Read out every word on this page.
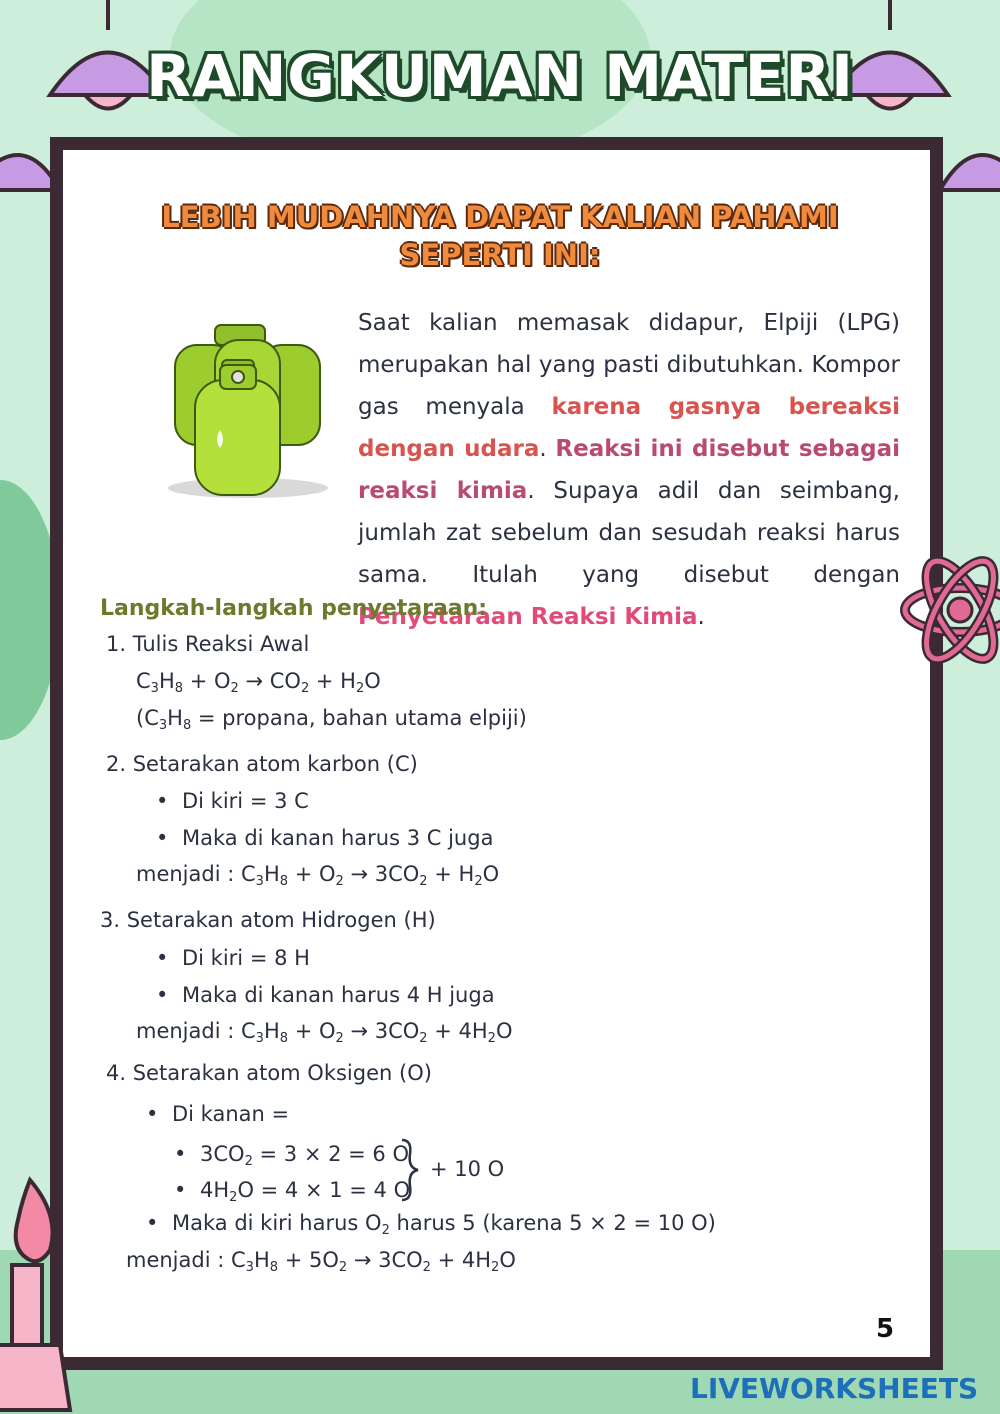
RANGKUMAN MATERI
LEBIH MUDAHNYA DAPAT KALIAN PAHAMI
SEPERTI INI:
Saat kalian memasak didapur, Elpiji (LPG) merupakan hal yang pasti dibutuhkan. Kompor gas menyala karena gasnya bereaksi dengan udara. Reaksi ini disebut sebagai reaksi kimia. Supaya adil dan seimbang, jumlah zat sebelum dan sesudah reaksi harus sama. Itulah yang disebut dengan Penyetaraan Reaksi Kimia.
Langkah-langkah penyetaraan:
1. Tulis Reaksi Awal
$C_3H_8 + O_2 \to CO_2 + H_2O$
($C_3H_8$ = propana, bahan utama elpiji)
2. Setarakan atom karbon (C)
• Di kiri = 3 C
• Maka di kanan harus 3 C juga
menjadi : $C_3H_8 + O_2 \to 3CO_2 + H_2O$
3. Setarakan atom Hidrogen (H)
• Di kiri = 8 H
• Maka di kanan harus 4 H juga
menjadi : $C_3H_8 + O_2 \to 3CO_2 + 4H_2O$
4. Setarakan atom Oksigen (O)
• Di kanan =
• $3CO_2 = 3 \times 2 = 6$ O
• $4H_2O = 4 \times 1 = 4$ O
+ 10 O
• Maka di kiri harus $O_2$ harus 5 (karena 5 × 2 = 10 O)
menjadi : $C_3H_8 + 5O_2 \to 3CO_2 + 4H_2O$
5
LIVEWORKSHEETS
